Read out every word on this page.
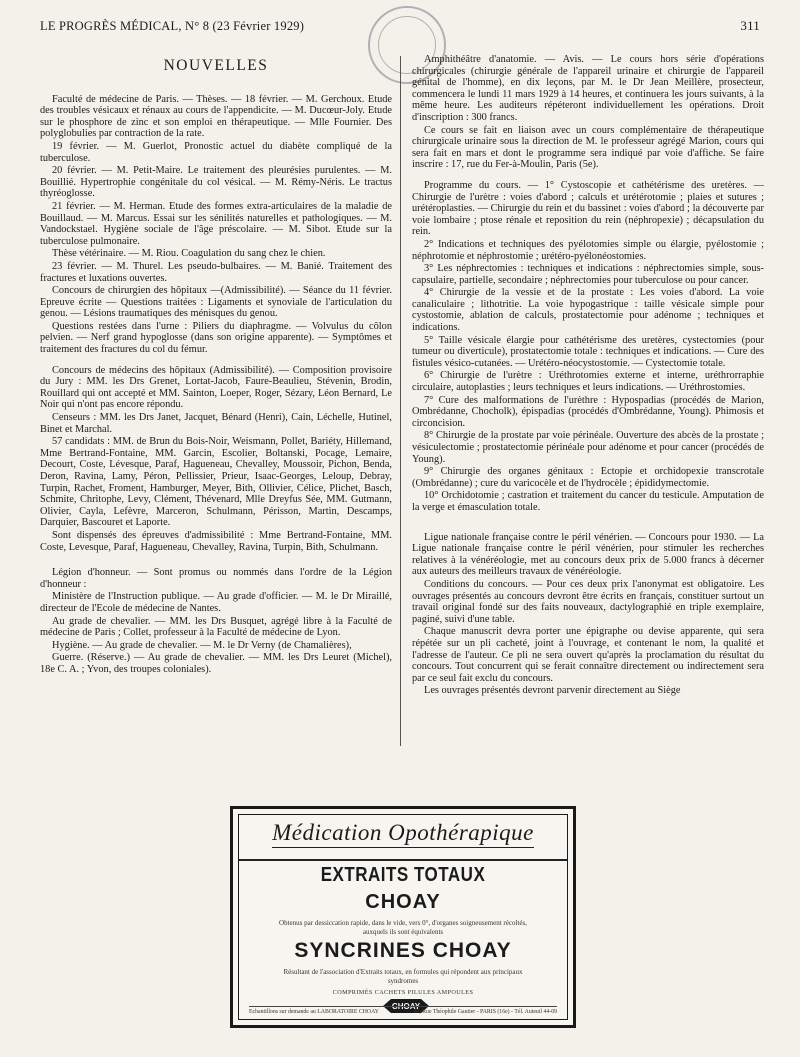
LE PROGRÈS MÉDICAL, N° 8 (23 Février 1929)	311
NOUVELLES

Faculté de médecine de Paris. — Thèses. — 18 février. — M. Gerchoux. Etude des troubles vésicaux et rénaux au cours de l'appendicite. — M. Ducœur-Joly. Etude sur le phosphore de zinc et son emploi en thérapeutique. — Mlle Fournier. Des polyglobulies par contraction de la rate.

19 février. — M. Guerlot, Pronostic actuel du diabète compliqué de la tuberculose.

20 février. — M. Petit-Maire. Le traitement des pleurésies purulentes. — M. Bouillié. Hypertrophie congénitale du col vésical. — M. Rémy-Néris. Le tractus thyréoglosse.

21 février. — M. Herman. Etude des formes extra-articulaires de la maladie de Bouillaud. — M. Marcus. Essai sur les sénilités naturelles et pathologiques. — M. Vandockstael. Hygiène sociale de l'âge préscolaire. — M. Sibot. Etude sur la tuberculose pulmonaire.

Thèse vétérinaire. — M. Riou. Coagulation du sang chez le chien.

23 février. — M. Thurel. Les pseudo-bulbaires. — M. Banié. Traitement des fractures et luxations ouvertes.

Concours de chirurgien des hôpitaux —(Admissibilité). — Séance du 11 février. Epreuve écrite — Questions traitées : Ligaments et synoviale de l'articulation du genou. — Lésions traumatiques des ménisques du genou.

Questions restées dans l'urne : Piliers du diaphragme. — Volvulus du côlon pelvien. — Nerf grand hypoglosse (dans son origine apparente). — Symptômes et traitement des fractures du col du fémur.

Concours de médecins des hôpitaux (Admissibilité). — Composition provisoire du Jury : MM. les Drs Grenet, Lortat-Jacob, Faure-Beaulieu, Stévenin, Brodin, Rouillard qui ont accepté et MM. Sainton, Loeper, Roger, Sézary, Léon Bernard, Le Noir qui n'ont pas encore répondu.

Censeurs : MM. les Drs Janet, Jacquet, Bénard (Henri), Cain, Léchelle, Hutinel, Binet et Marchal.

57 candidats : MM. de Brun du Bois-Noir, Weismann, Pollet, Bariéty, Hillemand, Mme Bertrand-Fontaine, MM. Garcin, Escolier, Boltanski, Pocage, Lemaire, Decourt, Coste, Lévesque, Paraf, Hagueneau, Chevalley, Moussoir, Pichon, Benda, Deron, Ravina, Lamy, Péron, Pellissier, Prieur, Isaac-Georges, Leloup, Debray, Turpin, Rachet, Froment, Hamburger, Meyer, Bith, Ollivier, Célice, Plichet, Basch, Schmite, Chritophe, Levy, Clément, Thévenard, Mlle Dreyfus Sée, MM. Gutmann, Olivier, Cayla, Lefèvre, Marceron, Schulmann, Périsson, Martin, Descamps, Darquier, Bascouret et Laporte.

Sont dispensés des épreuves d'admissibilité : Mme Bertrand-Fontaine, MM. Coste, Levesque, Paraf, Hagueneau, Chevalley, Ravina, Turpin, Bith, Schulmann.

Légion d'honneur. — Sont promus ou nommés dans l'ordre de la Légion d'honneur :

Ministère de l'Instruction publique. — Au grade d'officier. — M. le Dr Miraillé, directeur de l'Ecole de médecine de Nantes.

Au grade de chevalier. — MM. les Drs Busquet, agrégé libre à la Faculté de médecine de Paris ; Collet, professeur à la Faculté de médecine de Lyon.

Hygiène. — Au grade de chevalier. — M. le Dr Verny (de Chamalières),

Guerre. (Réserve.) — Au grade de chevalier. — MM. les Drs Leuret (Michel), 18e C. A. ; Yvon, des troupes coloniales).

Amphithéâtre d'anatomie. — Avis. — Le cours hors série d'opérations chirurgicales (chirurgie générale de l'appareil urinaire et chirurgie de l'appareil génital de l'homme), en dix leçons, par M. le Dr Jean Meillère, prosecteur, commencera le lundi 11 mars 1929 à 14 heures, et continuera les jours suivants, à la même heure. Les auditeurs répéteront individuellement les opérations. Droit d'inscription : 300 francs.

Ce cours se fait en liaison avec un cours complémentaire de thérapeutique chirurgicale urinaire sous la direction de M. le professeur agrégé Marion, cours qui sera fait en mars et dont le programme sera indiqué par voie d'affiche. Se faire inscrire : 17, rue du Fer-à-Moulin, Paris (5e).

Programme du cours. — 1° Cystoscopie et cathétérisme des uretères. — Chirurgie de l'urètre : voies d'abord ; calculs et urétérotomie ; plaies et sutures ; urétéroplasties. — Chirurgie du rein et du bassinet : voies d'abord ; la découverte par voie lombaire ; ptose rénale et reposition du rein (néphropexie) ; décapsulation du rein.

2° Indications et techniques des pyélotomies simple ou élargie, pyélostomie ; néphrotomie et néphrostomie ; urétéro-pyélonéostomies.

3° Les néphrectomies : techniques et indications : néphrectomies simple, sous-capsulaire, partielle, secondaire ; néphrectomies pour tuberculose ou pour cancer.

4° Chirurgie de la vessie et de la prostate : Les voies d'abord. La voie canaliculaire ; lithotritie. La voie hypogastrique : taille vésicale simple pour cystostomie, ablation de calculs, prostatectomie pour adénome ; techniques et indications.

5° Taille vésicale élargie pour cathétérisme des uretères, cystectomies (pour tumeur ou diverticule), prostatectomie totale : techniques et indications. — Cure des fistules vésico-cutanées. — Urétéro-néocystostomie. — Cystectomie totale.

6° Chirurgie de l'urètre : Uréthrotomies externe et interne, uréthrorraphie circulaire, autoplasties ; leurs techniques et leurs indications. — Uréthrostomies.

7° Cure des malformations de l'urèthre : Hypospadias (procédés de Marion, Ombrédanne, Chocholk), épispadias (procédés d'Ombrédanne, Young). Phimosis et circoncision.

8° Chirurgie de la prostate par voie périnéale. Ouverture des abcès de la prostate ; vésiculectomie ; prostatectomie périnéale pour adénome et pour cancer (procédés de Young).

9° Chirurgie des organes génitaux : Ectopie et orchidopexie transcrotale (Ombrédanne) ; cure du varicocèle et de l'hydrocèle ; épididymectomie.

10° Orchidotomie ; castration et traitement du cancer du testicule. Amputation de la verge et émasculation totale.

Ligue nationale française contre le péril vénérien. — Concours pour 1930. — La Ligue nationale française contre le péril vénérien, pour stimuler les recherches relatives à la vénéréologie, met au concours deux prix de 5.000 francs à décerner aux auteurs des meilleurs travaux de vénéréologie.

Conditions du concours. — Pour ces deux prix l'anonymat est obligatoire. Les ouvrages présentés au concours devront être écrits en français, constituer surtout un travail original fondé sur des faits nouveaux, dactylographié en triple exemplaire, paginé, suivi d'une table.

Chaque manuscrit devra porter une épigraphe ou devise apparente, qui sera répétée sur un pli cacheté, joint à l'ouvrage, et contenant le nom, la qualité et l'adresse de l'auteur. Ce pli ne sera ouvert qu'après la proclamation du résultat du concours. Tout concurrent qui se ferait connaître directement ou indirectement sera par ce seul fait exclu du concours.

Les ouvrages présentés devront parvenir directement au Siège

Médication Opothérapique
EXTRAITS TOTAUX
CHOAY
Obtenus par dessiccation rapide, dans le vide, vers 0°, d'organes soigneusement récoltés, auxquels ils sont équivalents
SYNCRINES CHOAY
Résultant de l'association d'Extraits totaux, en formules qui répondent aux principaux syndromes
COMPRIMÉS CACHETS PILULES AMPOULES
CHOAY
Echantillons sur demande au LABORATOIRE CHOAY	48, Rue Théophile Gautier - PARIS (16e) - Tél. Auteuil 44-09
